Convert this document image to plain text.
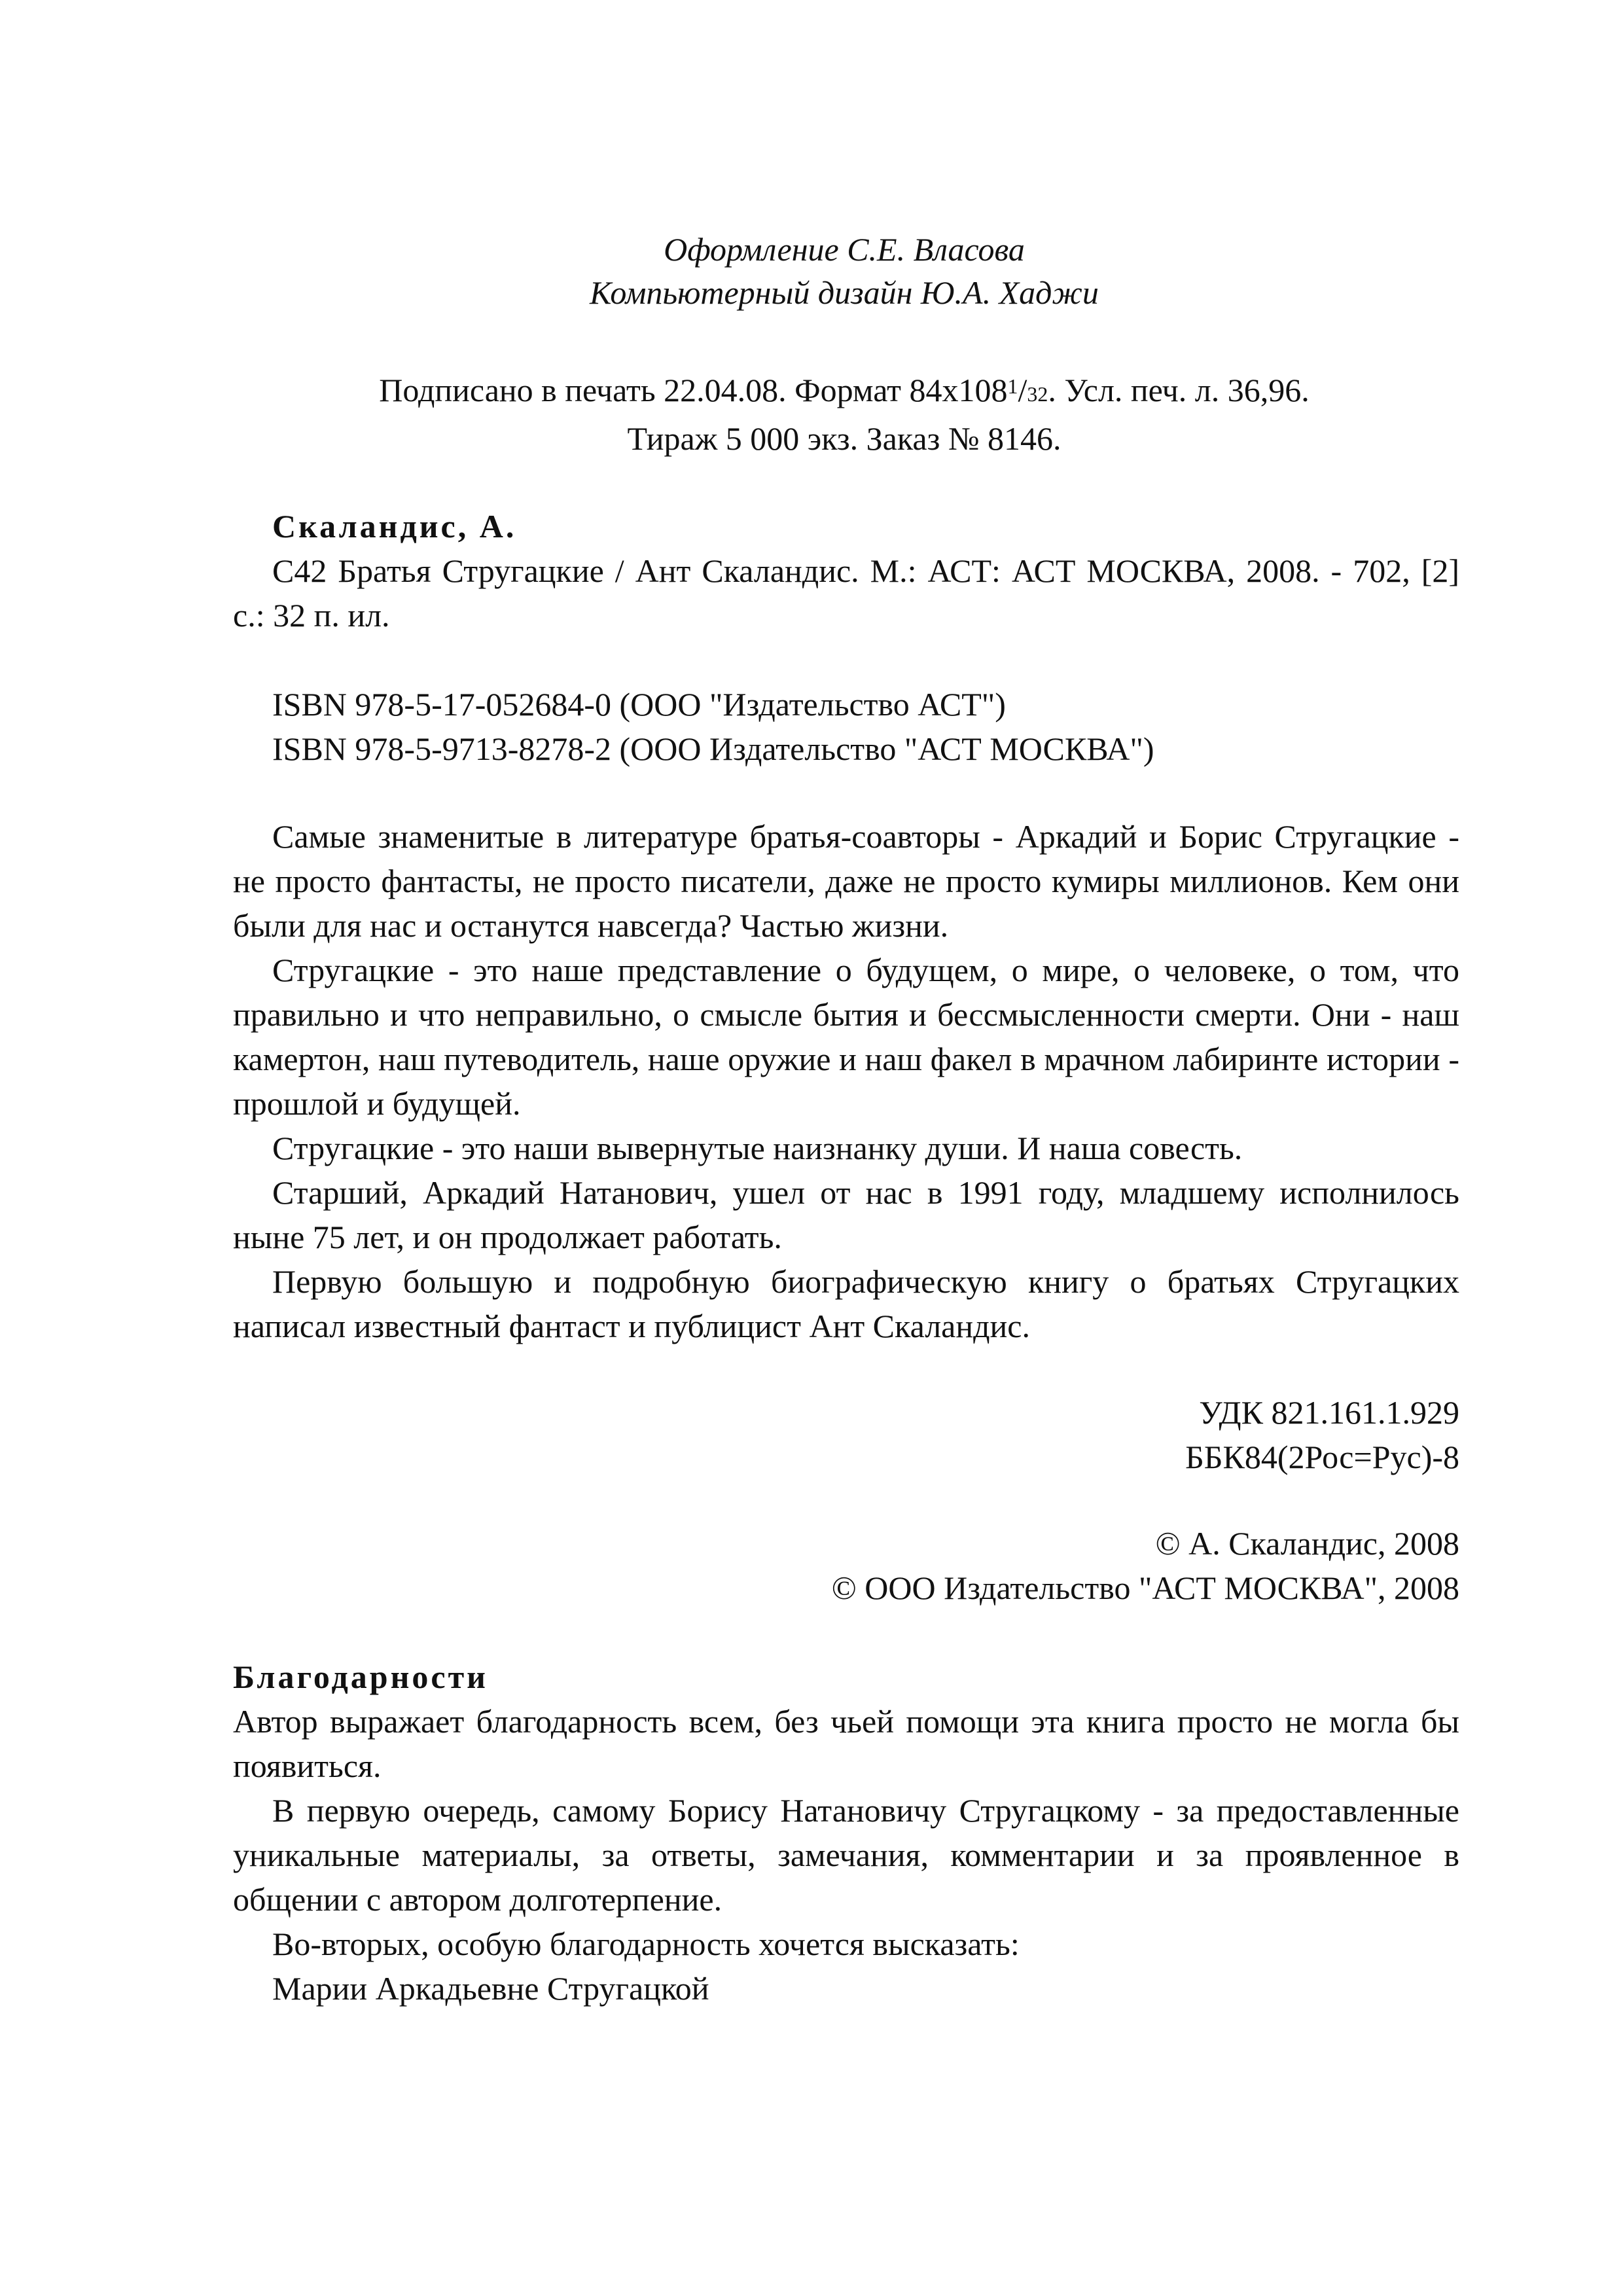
Оформление С.Е. Власова
Компьютерный дизайн Ю.А. Хаджи
Подписано в печать 22.04.08. Формат $84x108^1/32$. Усл. печ. л. 36,96.
Тираж 5 000 экз. Заказ № 8146.
Скаландис, А.

С42 Братья Стругацкие / Ант Скаландис. М.: АСТ: АСТ МОСКВА, 2008. - 702, [2] с.: 32 п. ил.

ISBN 978-5-17-052684-0 (ООО "Издательство АСТ")
ISBN 978-5-9713-8278-2 (ООО Издательство "АСТ МОСКВА")

Самые знаменитые в литературе братья-соавторы - Аркадий и Борис Стругацкие - не просто фантасты, не просто писатели, даже не просто кумиры миллионов. Кем они были для нас и останутся навсегда? Частью жизни.

Стругацкие - это наше представление о будущем, о мире, о человеке, о том, что правильно и что неправильно, о смысле бытия и бессмысленности смерти. Они - наш камертон, наш путеводитель, наше оружие и наш факел в мрачном лабиринте истории - прошлой и будущей.

Стругацкие - это наши вывернутые наизнанку души. И наша совесть.

Старший, Аркадий Натанович, ушел от нас в 1991 году, младшему исполнилось ныне 75 лет, и он продолжает работать.

Первую большую и подробную биографическую книгу о братьях Стругацких написал известный фантаст и публицист Ант Скаландис.

УДК 821.161.1.929
ББК84(2Рос=Рус)-8
© А. Скаландис, 2008
© ООО Издательство "АСТ МОСКВА", 2008
Благодарности

Автор выражает благодарность всем, без чьей помощи эта книга просто не могла бы появиться.

В первую очередь, самому Борису Натановичу Стругацкому - за предоставленные уникальные материалы, за ответы, замечания, комментарии и за проявленное в общении с автором долготерпение.

Во-вторых, особую благодарность хочется высказать:
Марии Аркадьевне Стругацкой
